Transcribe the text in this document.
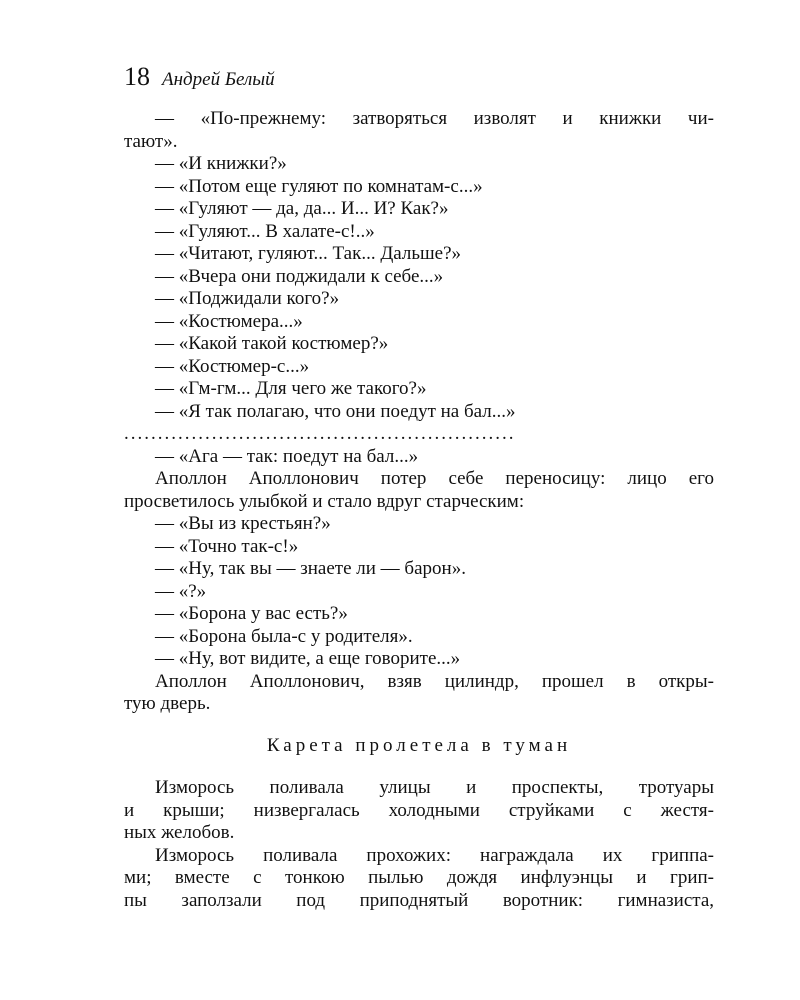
18 Андрей Белый

— «По-прежнему: затворяться изволят и книжки чи-

тают».

— «И книжки?»

— «Потом еще гуляют по комнатам-с...»

— «Гуляют — да, да... И... И? Как?»

— «Гуляют... В халате-с!..»

— «Читают, гуляют... Так... Дальше?»

— «Вчера они поджидали к себе...»

— «Поджидали кого?»

— «Костюмера...»

— «Какой такой костюмер?»

— «Костюмер-с...»

— «Гм-гм... Для чего же такого?»

— «Я так полагаю, что они поедут на бал...»

..........................................................

— «Ага — так: поедут на бал...»

Аполлон Аполлонович потер себе переносицу: лицо его

просветилось улыбкой и стало вдруг старческим:

— «Вы из крестьян?»

— «Точно так-с!»

— «Ну, так вы — знаете ли — барон».

— «?»

— «Борона у вас есть?»

— «Борона была-с у родителя».

— «Ну, вот видите, а еще говорите...»

Аполлон Аполлонович, взяв цилиндр, прошел в откры-

тую дверь.

Карета пролетела в туман

Изморось поливала улицы и проспекты, тротуары

и крыши; низвергалась холодными струйками с жестя-

ных желобов.

Изморось поливала прохожих: награждала их гриппа-

ми; вместе с тонкою пылью дождя инфлуэнцы и грип-

пы заползали под приподнятый воротник: гимназиста,
